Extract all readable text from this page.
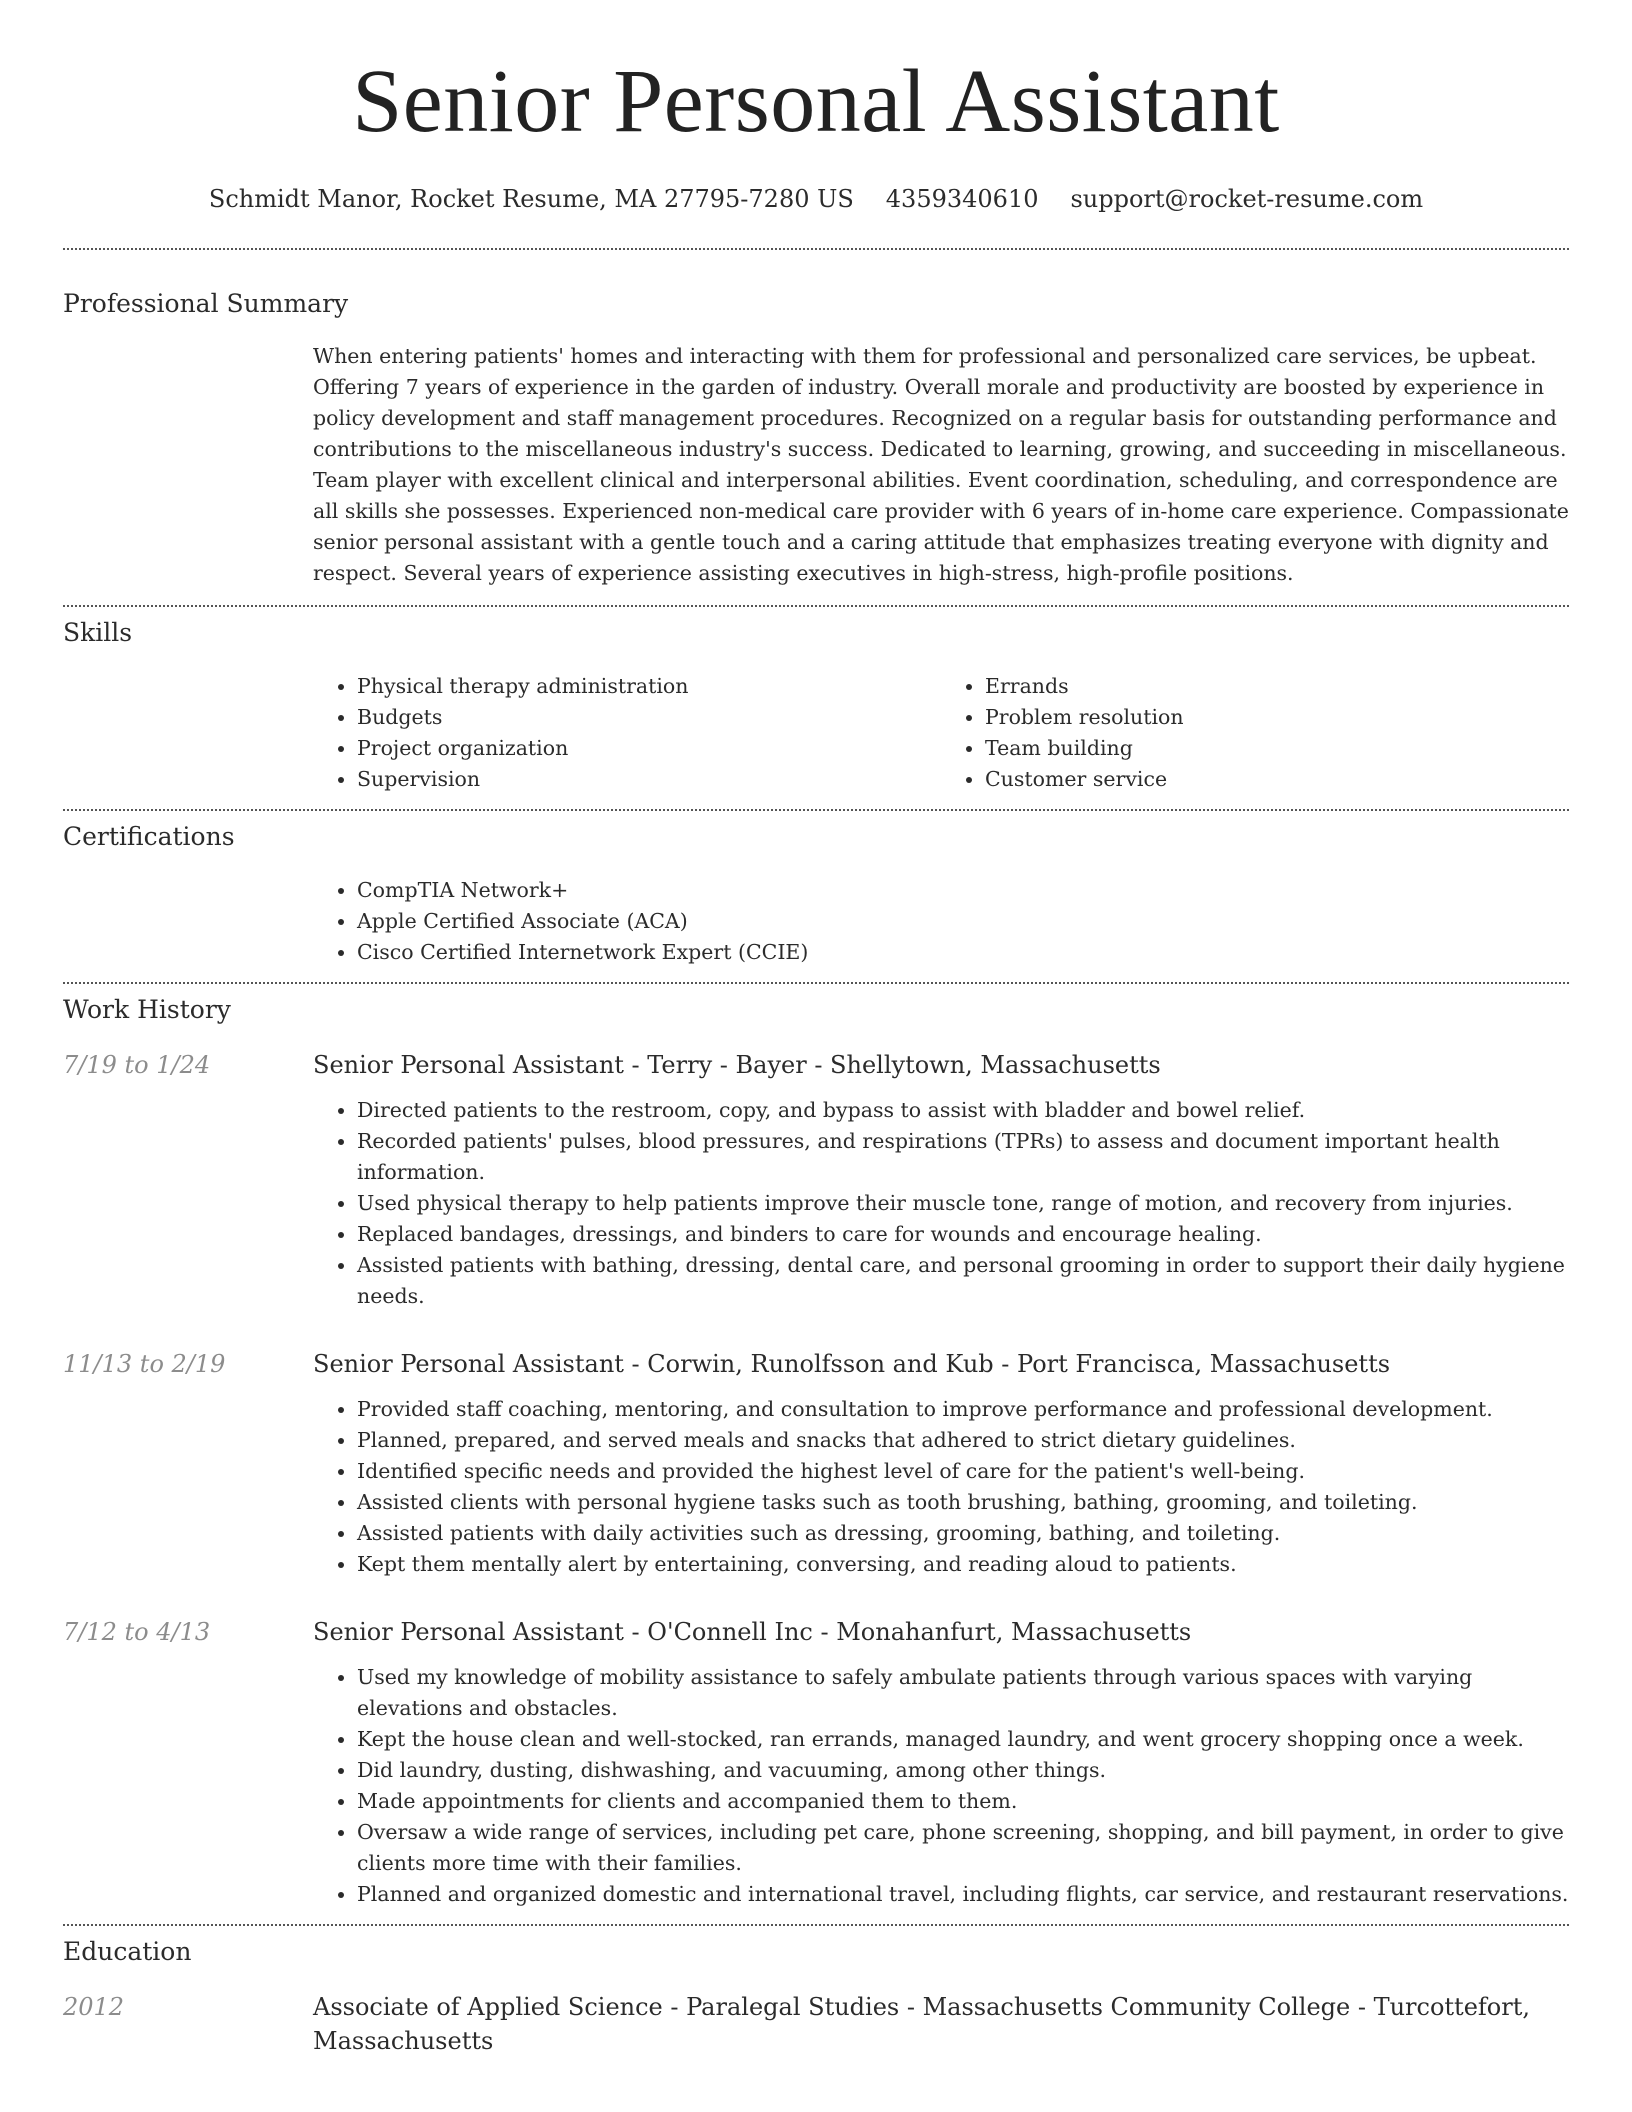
Senior Personal Assistant
Schmidt Manor, Rocket Resume, MA 27795-7280 US 4359340610 support@rocket-resume.com
Professional Summary

When entering patients' homes and interacting with them for professional and personalized care services, be upbeat. Offering 7 years of experience in the garden of industry. Overall morale and productivity are boosted by experience in policy development and staff management procedures. Recognized on a regular basis for outstanding performance and contributions to the miscellaneous industry's success. Dedicated to learning, growing, and succeeding in miscellaneous. Team player with excellent clinical and interpersonal abilities. Event coordination, scheduling, and correspondence are all skills she possesses. Experienced non-medical care provider with 6 years of in-home care experience. Compassionate senior personal assistant with a gentle touch and a caring attitude that emphasizes treating everyone with dignity and respect. Several years of experience assisting executives in high-stress, high-profile positions.

Skills
• Physical therapy administration
• Budgets
• Project organization
• Supervision
• Errands
• Problem resolution
• Team building
• Customer service
Certifications
• CompTIA Network+
• Apple Certified Associate (ACA)
• Cisco Certified Internetwork Expert (CCIE)
Work History
7/19 to 1/24	Senior Personal Assistant - Terry - Bayer - Shellytown, Massachusetts
• Directed patients to the restroom, copy, and bypass to assist with bladder and bowel relief.
• Recorded patients' pulses, blood pressures, and respirations (TPRs) to assess and document important health information.
• Used physical therapy to help patients improve their muscle tone, range of motion, and recovery from injuries.
• Replaced bandages, dressings, and binders to care for wounds and encourage healing.
• Assisted patients with bathing, dressing, dental care, and personal grooming in order to support their daily hygiene needs.
11/13 to 2/19	Senior Personal Assistant - Corwin, Runolfsson and Kub - Port Francisca, Massachusetts
• Provided staff coaching, mentoring, and consultation to improve performance and professional development.
• Planned, prepared, and served meals and snacks that adhered to strict dietary guidelines.
• Identified specific needs and provided the highest level of care for the patient's well-being.
• Assisted clients with personal hygiene tasks such as tooth brushing, bathing, grooming, and toileting.
• Assisted patients with daily activities such as dressing, grooming, bathing, and toileting.
• Kept them mentally alert by entertaining, conversing, and reading aloud to patients.
7/12 to 4/13	Senior Personal Assistant - O'Connell Inc - Monahanfurt, Massachusetts
• Used my knowledge of mobility assistance to safely ambulate patients through various spaces with varying elevations and obstacles.
• Kept the house clean and well-stocked, ran errands, managed laundry, and went grocery shopping once a week.
• Did laundry, dusting, dishwashing, and vacuuming, among other things.
• Made appointments for clients and accompanied them to them.
• Oversaw a wide range of services, including pet care, phone screening, shopping, and bill payment, in order to give clients more time with their families.
• Planned and organized domestic and international travel, including flights, car service, and restaurant reservations.
Education
2012	Associate of Applied Science - Paralegal Studies - Massachusetts Community College - Turcottefort, Massachusetts
